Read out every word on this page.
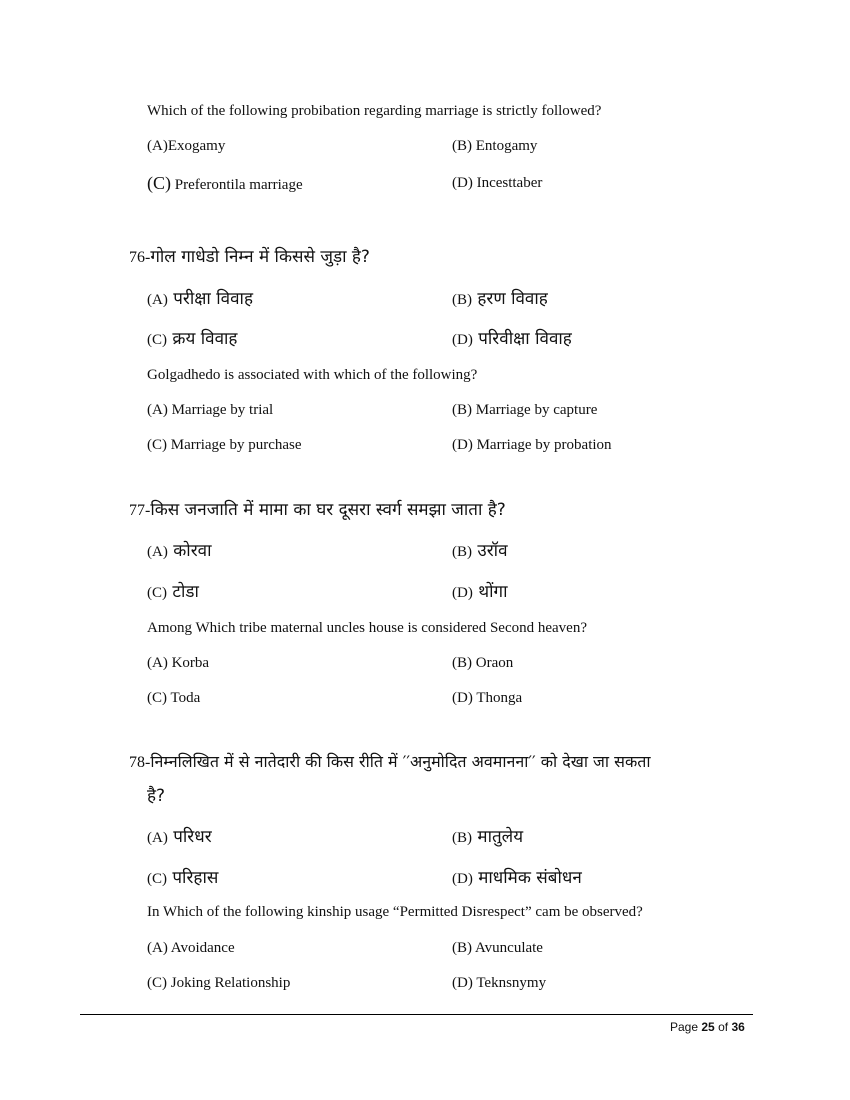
Which of the following probibation regarding marriage is strictly followed?
(A)Exogamy	(B) Entogamy
(C) Preferontila marriage	(D) Incesttaber
76-गोल गाधेडो निम्न में किससे जुड़ा है?
(A) परीक्षा विवाह	(B) हरण विवाह
(C) क्रय विवाह	(D) परिवीक्षा विवाह
Golgadhedo is associated with which of the following?
(A) Marriage by trial	(B) Marriage by capture
(C) Marriage by purchase	(D) Marriage by probation
77-किस जनजाति में मामा का घर दूसरा स्वर्ग समझा जाता है?
(A) कोरवा	(B) उरॉव
(C) टोडा	(D) थोंगा
Among Which tribe maternal uncles house is considered Second heaven?
(A) Korba	(B) Oraon
(C) Toda	(D) Thonga
78-निम्नलिखित में से नातेदारी की किस रीति में ′′अनुमोदित अवमानना′′ को देखा जा सकता
है?
(A) परिधर	(B) मातुलेय
(C) परिहास	(D) माधमिक संबोधन
In Which of the following kinship usage “Permitted Disrespect” cam be observed?
(A) Avoidance	(B) Avunculate
(C) Joking Relationship	(D) Teknsnymy
Page 25 of 36
